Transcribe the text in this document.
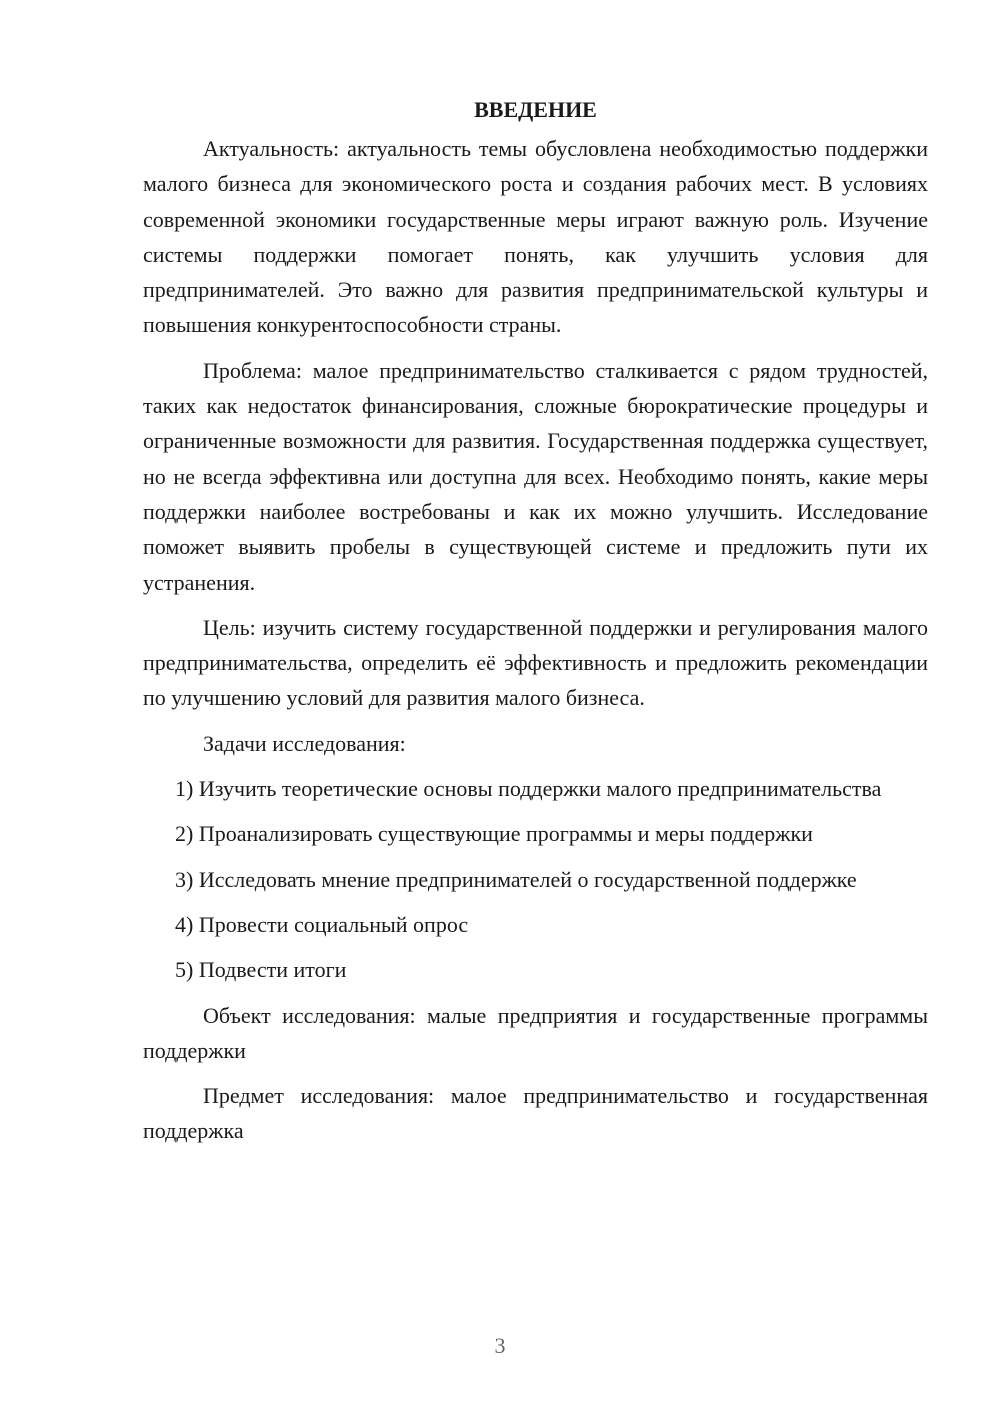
ВВЕДЕНИЕ

Актуальность: актуальность темы обусловлена необходимостью поддержки малого бизнеса для экономического роста и создания рабочих мест. В условиях современной экономики государственные меры играют важную роль. Изучение системы поддержки помогает понять, как улучшить условия для предпринимателей. Это важно для развития предпринимательской культуры и повышения конкурентоспособности страны.

Проблема: малое предпринимательство сталкивается с рядом трудностей, таких как недостаток финансирования, сложные бюрократические процедуры и ограниченные возможности для развития. Государственная поддержка существует, но не всегда эффективна или доступна для всех. Необходимо понять, какие меры поддержки наиболее востребованы и как их можно улучшить. Исследование поможет выявить пробелы в существующей системе и предложить пути их устранения.

Цель: изучить систему государственной поддержки и регулирования малого предпринимательства, определить её эффективность и предложить рекомендации по улучшению условий для развития малого бизнеса.

Задачи исследования:

1) Изучить теоретические основы поддержки малого предпринимательства

2) Проанализировать существующие программы и меры поддержки

3) Исследовать мнение предпринимателей о государственной поддержке

4) Провести социальный опрос

5) Подвести итоги

Объект исследования: малые предприятия и государственные программы поддержки

Предмет исследования: малое предпринимательство и государственная поддержка

3
